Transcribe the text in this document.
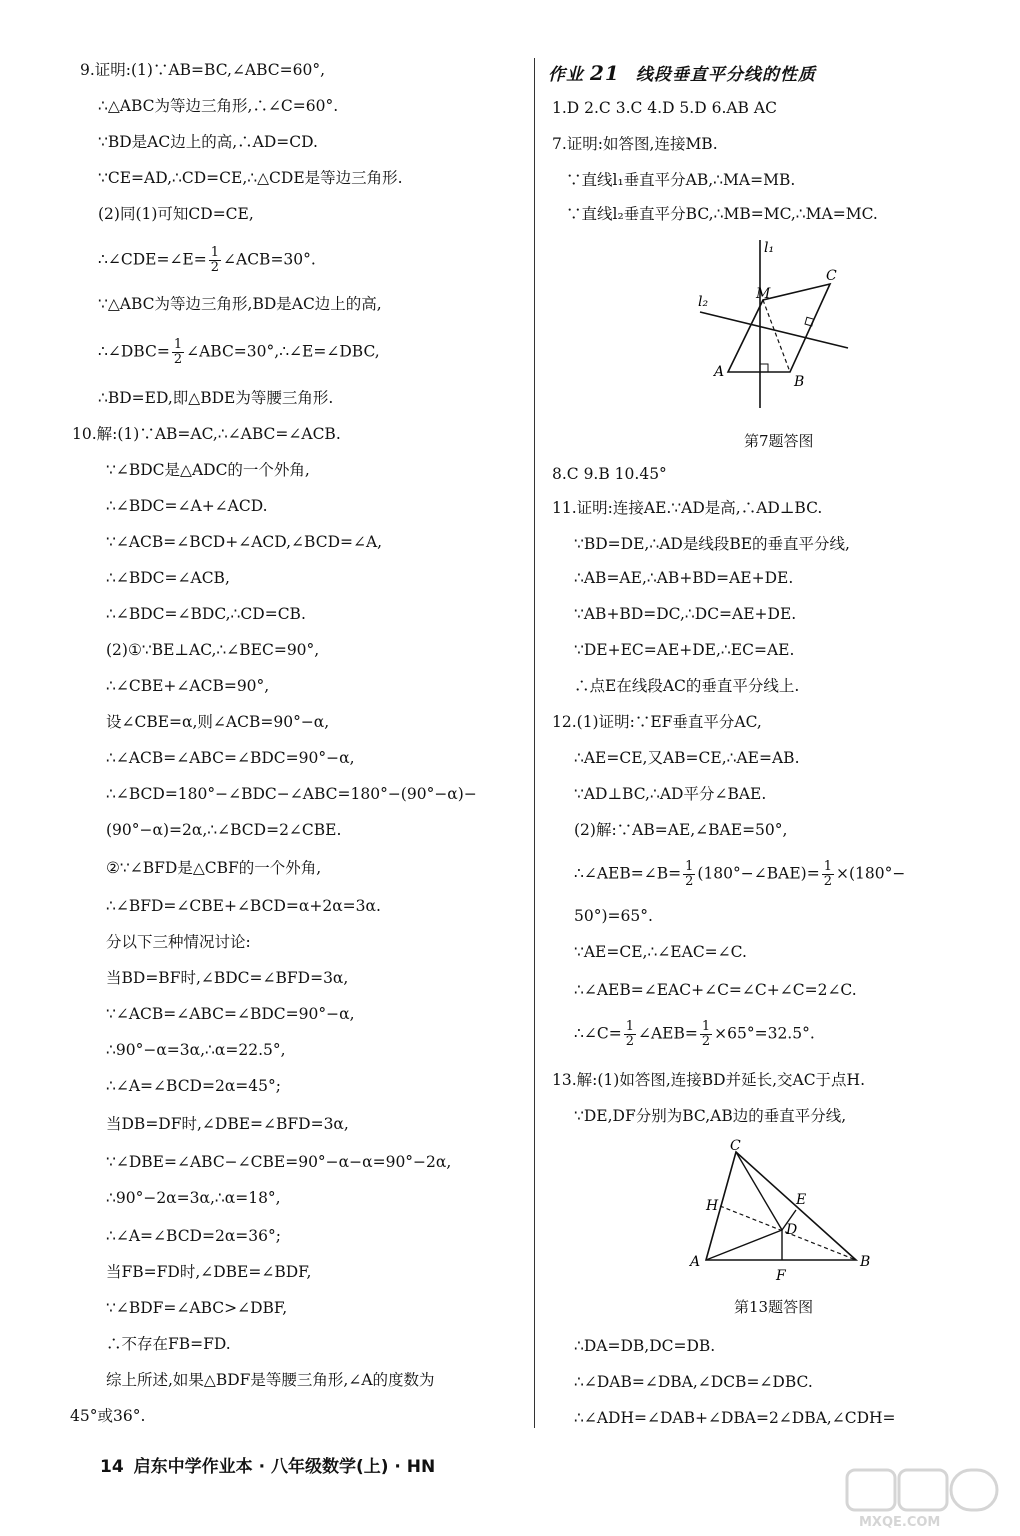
9.证明:(1)∵AB=BC,∠ABC=60°,
∴△ABC为等边三角形,∴∠C=60°.
∵BD是AC边上的高,∴AD=CD.
∵CE=AD,∴CD=CE,∴△CDE是等边三角形.
(2)同(1)可知CD=CE,
∴∠CDE=∠E= $\frac{1}{2}$ ∠ACB=30°.
∵△ABC为等边三角形,BD是AC边上的高,
∴∠DBC= $\frac{1}{2}$ ∠ABC=30°,∴∠E=∠DBC,
∴BD=ED,即△BDE为等腰三角形.
10.解:(1)∵AB=AC,∴∠ABC=∠ACB.
∵∠BDC是△ADC的一个外角,
∴∠BDC=∠A+∠ACD.
∵∠ACB=∠BCD+∠ACD,∠BCD=∠A,
∴∠BDC=∠ACB,
∴∠BDC=∠BDC,∴CD=CB.
(2)①∵BE⊥AC,∴∠BEC=90°,
∴∠CBE+∠ACB=90°,
设∠CBE=α,则∠ACB=90°−α,
∴∠ACB=∠ABC=∠BDC=90°−α,
∴∠BCD=180°−∠BDC−∠ABC=180°−(90°−α)−
(90°−α)=2α,∴∠BCD=2∠CBE.
②∵∠BFD是△CBF的一个外角,
∴∠BFD=∠CBE+∠BCD=α+2α=3α.
分以下三种情况讨论:
当BD=BF时,∠BDC=∠BFD=3α,
∵∠ACB=∠ABC=∠BDC=90°−α,
∴90°−α=3α,∴α=22.5°,
∴∠A=∠BCD=2α=45°;
当DB=DF时,∠DBE=∠BFD=3α,
∵∠DBE=∠ABC−∠CBE=90°−α−α=90°−2α,
∴90°−2α=3α,∴α=18°,
∴∠A=∠BCD=2α=36°;
当FB=FD时,∠DBE=∠BDF,
∵∠BDF=∠ABC>∠DBF,
∴不存在FB=FD.
综上所述,如果△BDF是等腰三角形,∠A的度数为
45°或36°.
作业 21 线段垂直平分线的性质
1.D 2.C 3.C 4.D 5.D 6.AB AC
7.证明:如答图,连接MB.
∵直线l₁垂直平分AB,∴MA=MB.
∵直线l₂垂直平分BC,∴MB=MC,∴MA=MC.
l₁
l₂	M
C
A
B
第7题答图
8.C 9.B 10.45°
11.证明:连接AE.∵AD是高,∴AD⊥BC.
∵BD=DE,∴AD是线段BE的垂直平分线,
∴AB=AE,∴AB+BD=AE+DE.
∵AB+BD=DC,∴DC=AE+DE.
∵DE+EC=AE+DE,∴EC=AE.
∴点E在线段AC的垂直平分线上.
12.(1)证明:∵EF垂直平分AC,
∴AE=CE,又AB=CE,∴AE=AB.
∵AD⊥BC,∴AD平分∠BAE.
(2)解:∵AB=AE,∠BAE=50°,
∴∠AEB=∠B= $\frac{1}{2}$ (180°−∠BAE)= $\frac{1}{2} \times(180^\circ-$
50°)=65°.
∵AE=CE,∴∠EAC=∠C.
∴∠AEB=∠EAC+∠C=∠C+∠C=2∠C.
∴∠C= $\frac{1}{2}$ ∠AEB= $\frac{1}{2} \times 65^\circ=32.5^\circ$.
13.解:(1)如答图,连接BD并延长,交AC于点H.
∵DE,DF分别为BC,AB边的垂直平分线,
C
H	E
D
A
F
B
第13题答图
∴DA=DB,DC=DB.
∴∠DAB=∠DBA,∠DCB=∠DBC.
∴∠ADH=∠DAB+∠DBA=2∠DBA,∠CDH=
14 启东中学作业本 · 八年级数学(上) · HN
MXQE.COM
